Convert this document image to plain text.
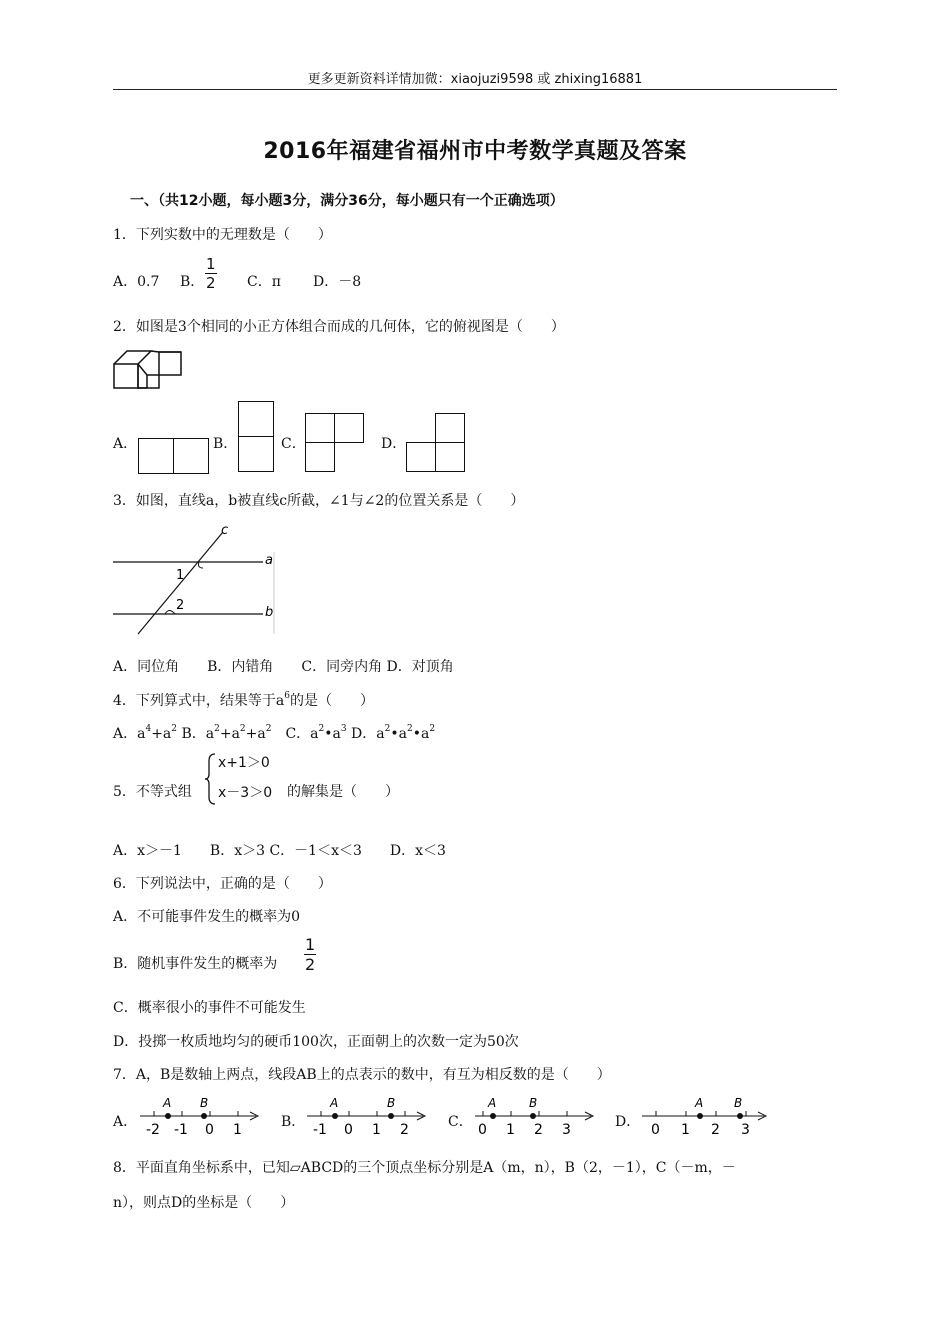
更多更新资料详情加微：xiaojuzi9598 或 zhixing16881
2016年福建省福州市中考数学真题及答案
一、（共12小题，每小题3分，满分36分，每小题只有一个正确选项）
1．下列实数中的无理数是（　　）
A．0.7 B． $\frac{1}{2}$ C．π D．－8
2．如图是3个相同的小正方体组合而成的几何体，它的俯视图是（　　）
A．	B．	C．	D．
3．如图，直线a，b被直线c所截，∠1与∠2的位置关系是（　　）
c
a
b
1
2
A．同位角　　B．内错角　　C．同旁内角 D．对顶角
4．下列算式中，结果等于$a^6$的是（　　）
A．$a^4+a^2$ B．$a^2+a^2+a^2$　C．$a^2•a^3$ D．$a^2•a^2•a^2$
5．不等式组
x+1＞0
x－3＞0 的解集是（　　）
A．x＞－1　　B．x＞3 C．－1＜x＜3　　D．x＜3
6．下列说法中，正确的是（　　）
A．不可能事件发生的概率为0
B．随机事件发生的概率为 $\frac{1}{2}$
C．概率很小的事件不可能发生
D．投掷一枚质地均匀的硬币100次，正面朝上的次数一定为50次
7．A，B是数轴上两点，线段AB上的点表示的数中，有互为相反数的是（　　）
A．
A B
-2 -1 0 1	B．
A	B
-1 0 1 2	C．
A	B
0 1 2 3	D．
A	B
0 1 2 3
8．平面直角坐标系中，已知▱ABCD的三个顶点坐标分别是A（m，n），B（2，－1），C（－m，－
n），则点D的坐标是（　　）
